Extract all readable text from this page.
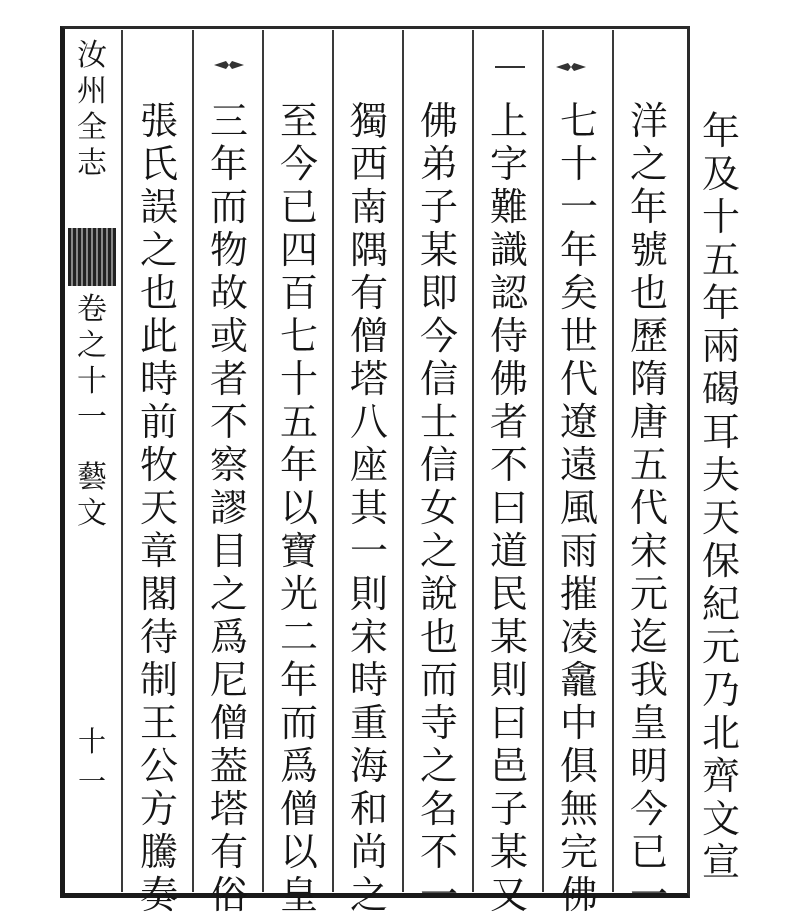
汝
州
全
志
卷
之
十
一
藝
文
十一
洋
之
年
號
也
歷
隋
唐
五
代
宋
元
迄
我
皇
明
今
已
一
七
十
一
年
矣
世
代
遼
遠
風
雨
摧
凌
龕
中
俱
無
完
佛
上
字
難
識
認
侍
佛
者
不
曰
道
民
某
則
曰
邑
子
某
又
佛
弟
子
某
即
今
信
士
信
女
之
說
也
而
寺
之
名
不
一
獨
西
南
隅
有
僧
塔
八
座
其
一
則
宋
時
重
海
和
尚
之
至
今
已
四
百
七
十
五
年
以
寶
光
二
年
而
爲
僧
以
皇
三
年
而
物
故
或
者
不
察
謬
目
之
爲
尼
僧
葢
塔
有
俗
張
氏
誤
之
也
此
時
前
牧
天
章
閣
待
制
王
公
方
騰
奏
年
及
十
五
年
兩
碣
耳
夫
天
保
紀
元
乃
北
齊
文
宣
